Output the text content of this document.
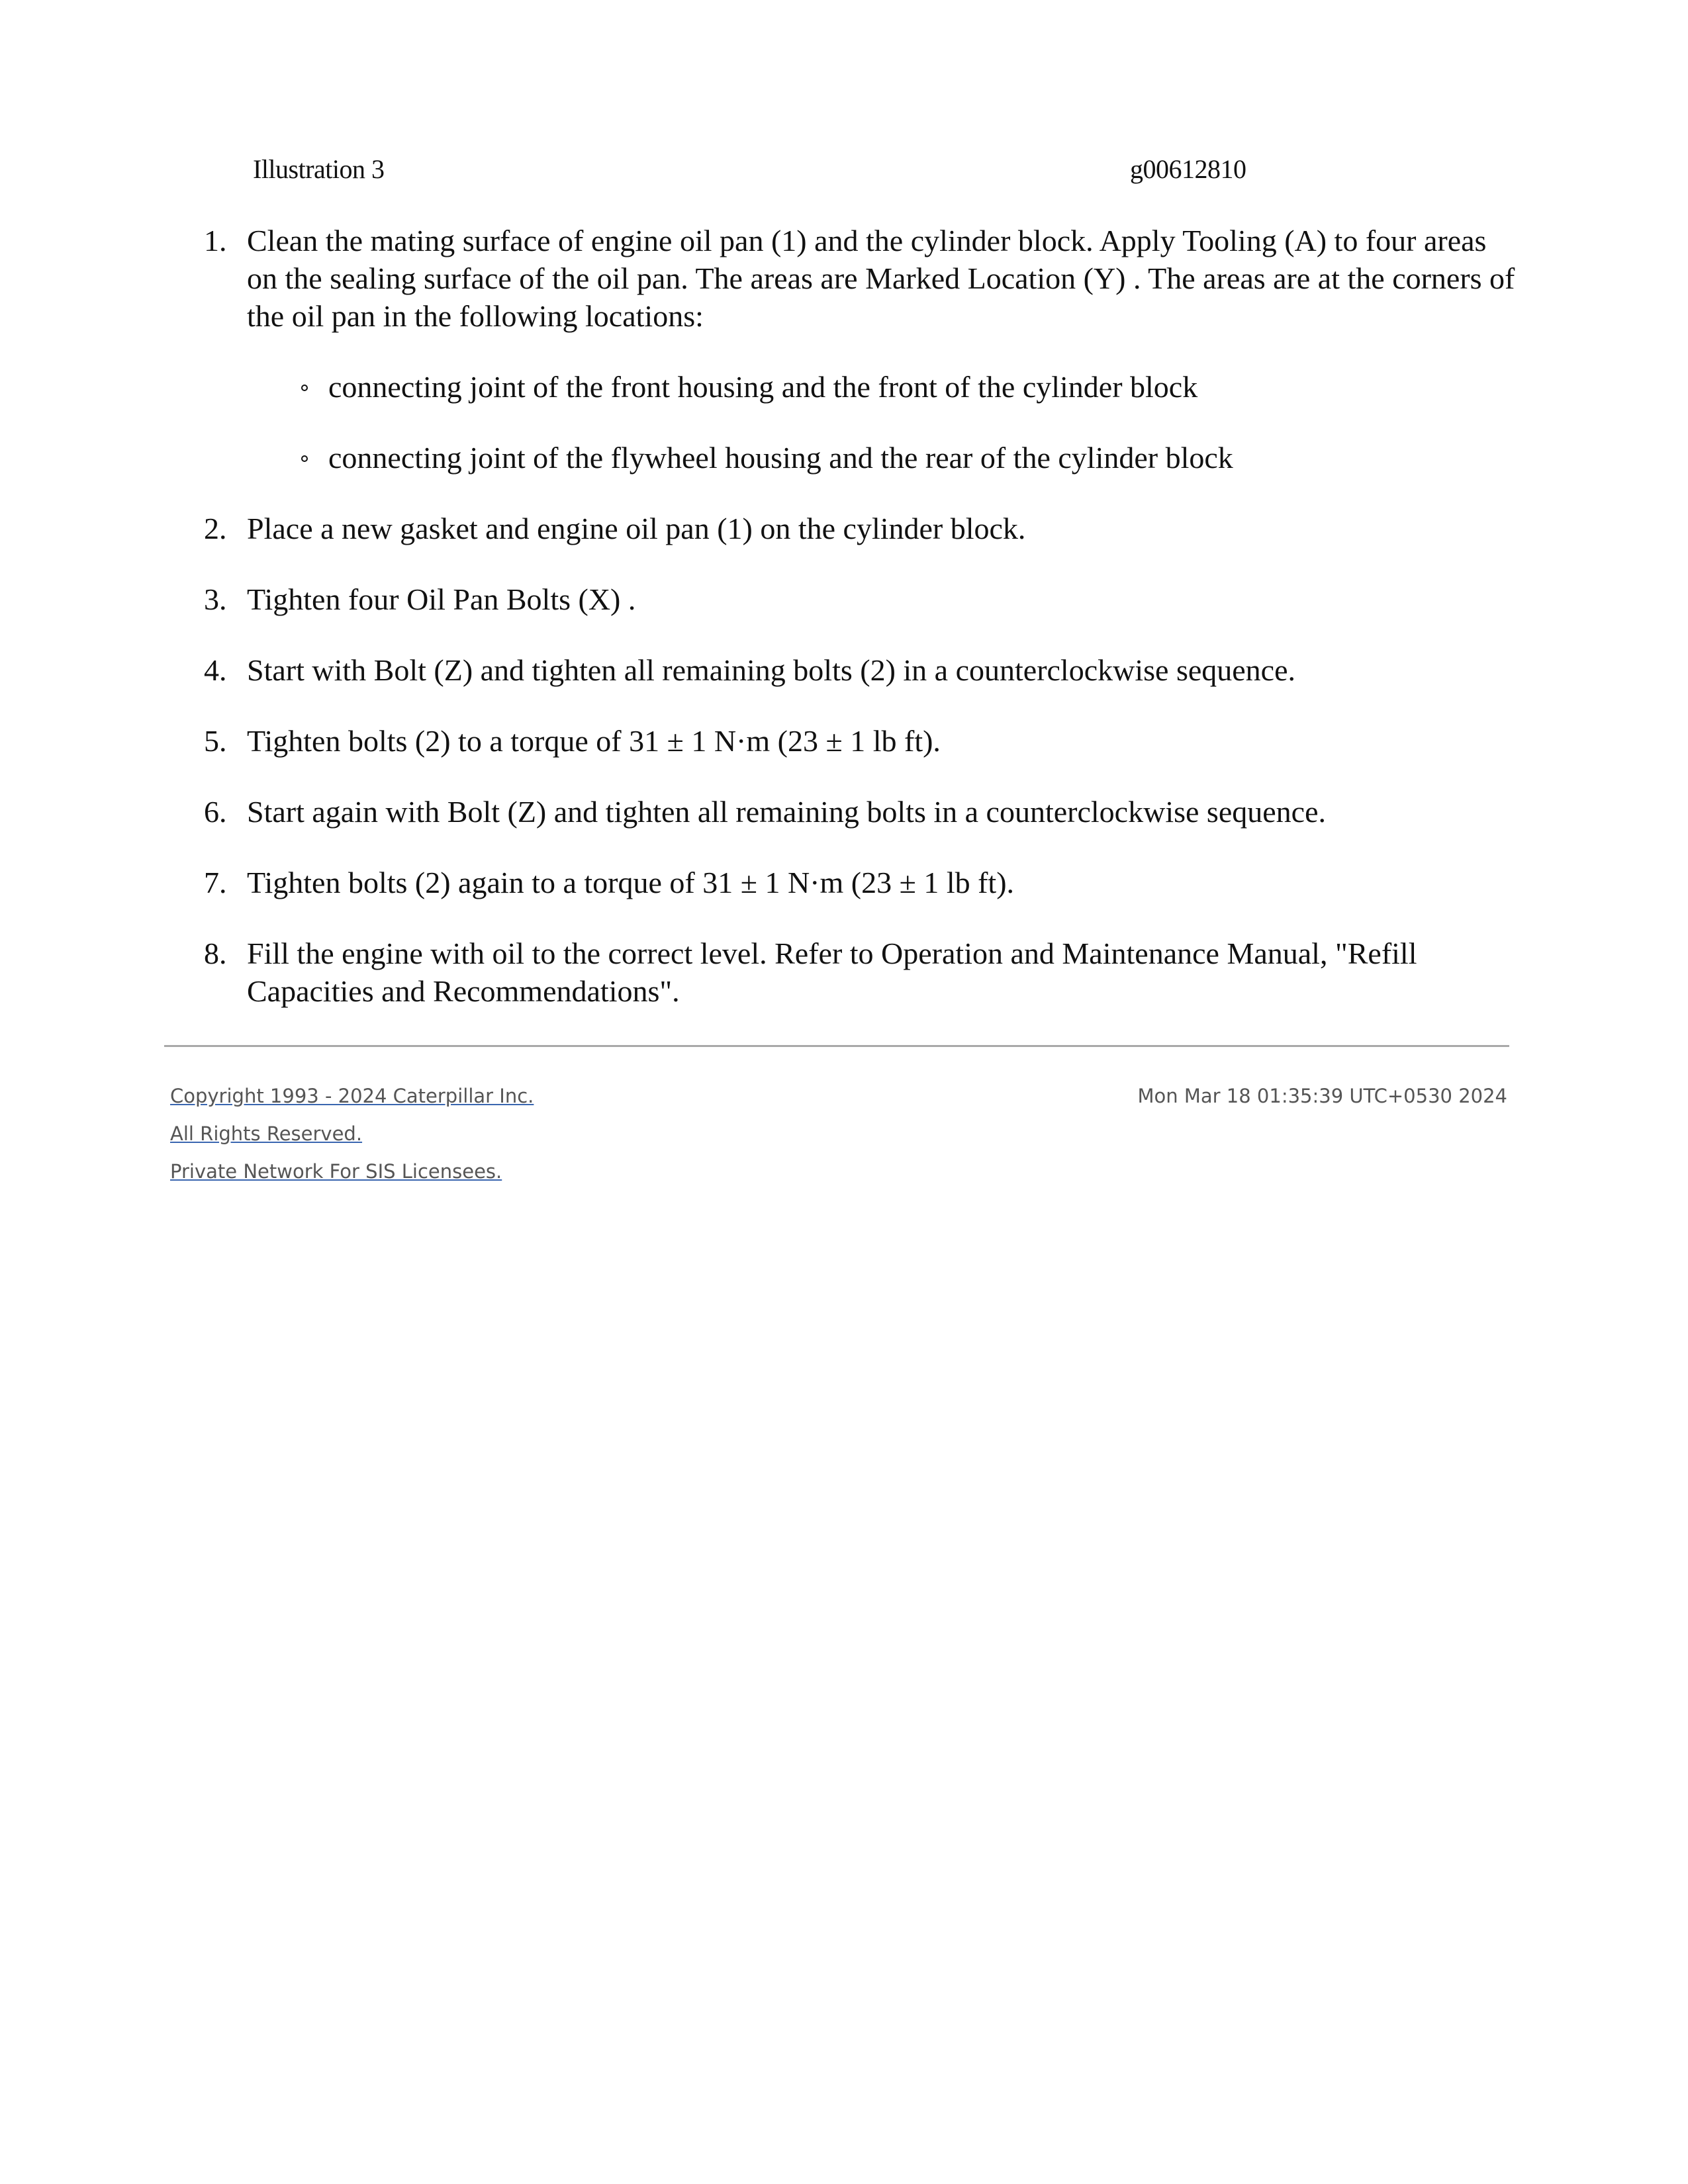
Illustration 3	g00612810
1. Clean the mating surface of engine oil pan (1) and the cylinder block. Apply Tooling (A) to four areas on the sealing surface of the oil pan. The areas are Marked Location (Y) . The areas are at the corners of the oil pan in the following locations:
connecting joint of the front housing and the front of the cylinder block
connecting joint of the flywheel housing and the rear of the cylinder block
2. Place a new gasket and engine oil pan (1) on the cylinder block.
3. Tighten four Oil Pan Bolts (X) .
4. Start with Bolt (Z) and tighten all remaining bolts (2) in a counterclockwise sequence.
5. Tighten bolts (2) to a torque of 31 ± 1 N·m (23 ± 1 lb ft).
6. Start again with Bolt (Z) and tighten all remaining bolts in a counterclockwise sequence.
7. Tighten bolts (2) again to a torque of 31 ± 1 N·m (23 ± 1 lb ft).
8. Fill the engine with oil to the correct level. Refer to Operation and Maintenance Manual, "Refill Capacities and Recommendations".
Copyright 1993 - 2024 Caterpillar Inc.
All Rights Reserved.
Private Network For SIS Licensees.
Mon Mar 18 01:35:39 UTC+0530 2024
